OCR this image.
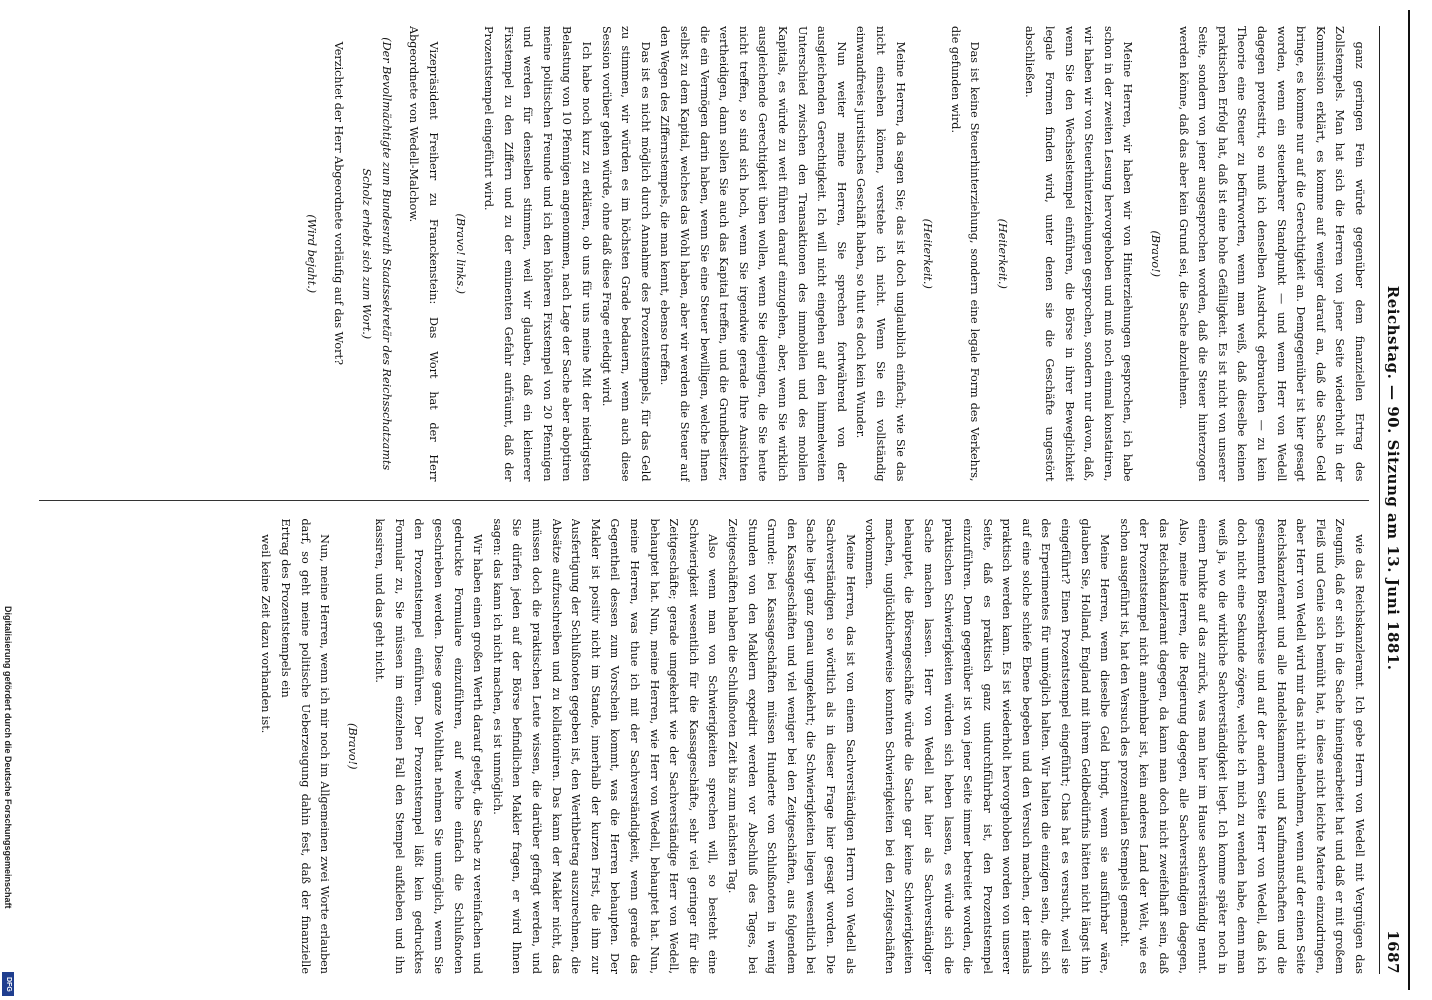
Reichstag. — 90. Sitzung am 13. Juni 1881.
1687

ganz geringen Fein würde gegenüber dem finanziellen Ertrag des Zollstempels. Man hat sich die Herren von jener Seite wiederholt in der Kommission erklärt, es komme auf weniger darauf an, daß die Sache Geld bringe, es komme nur auf die Gerechtigkeit an. Demgegenüber ist hier gesagt worden, wenn ein steuerbarer Standpunkt — und wenn Herr von Wedell dagegen protestirt, so muß ich denselben Ausdruck gebrauchen — zu kein Theorie eine Steuer zu befürworten, wenn man weiß, daß dieselbe keinen praktischen Erfolg hat, daß ist eine hohe Gefälligkeit. Es ist nicht von unserer Seite, sondern von jener ausgesprochen worden, daß die Steuer hinterzogen werden könne, daß das aber kein Grund sei, die Sache abzulehnen.

(Bravo!)

Meine Herren, wir haben wir von Hinterziehungen gesprochen, ich habe schon in der zweiten Lesung hervorgehoben und muß noch einmal konstatiren, wir haben wir von Steuerhinterziehungen gesprochen, sondern nur davon, daß, wenn Sie den Wechselstempel einführen, die Börse in ihrer Beweglichkeit legale Formen finden wird, unter denen sie die Geschäfte ungestört abschließen.

(Heiterkeit.)

Das ist keine Steuerhinterziehung, sondern eine legale Form des Verkehrs, die gefunden wird.

(Heiterkeit.)

Meine Herren, da sagen Sie; das ist doch unglaublich einfach; wie Sie das nicht einsehen können, verstehe ich nicht. Wenn Sie ein vollständig einwandfreies juristisches Geschäft haben, so thut es doch kein Wunder.

Nun weiter meine Herren, Sie sprechen fortwährend von der ausgleichenden Gerechtigkeit. Ich will nicht eingehen auf den himmelweiten Unterschied zwischen den Transaktionen des immobilen und des mobilen Kapitals, es würde zu weit führen darauf einzugehen, aber, wenn Sie wirklich ausgleichende Gerechtigkeit üben wollen, wenn Sie diejenigen, die Sie heute nicht treffen, so sind sich hoch, wenn Sie irgendwie gerade Ihre Ansichten vertheidigen, dann sollen Sie auch das Kapital treffen, und die Grundbesitzer, die ein Vermögen darin haben, wenn Sie eine Steuer bewilligen, welche Ihnen selbst zu dem Kapital, welches das Wohl haben, aber wir werden die Steuer auf den Wegen des Ziffernstempels, die man kennt, ebenso treffen.

Das ist es nicht möglich durch Annahme des Prozentstempels, für das Geld zu stimmen, wir würden es im höchsten Grade bedauern, wenn auch diese Session vorüber gehen würde, ohne daß diese Frage erledigt wird.

Ich habe noch kurz zu erklären, ob uns für uns meine Mit der niedrigsten Belastung von 10 Pfennigen angenommen, nach Lage der Sache aber aboptiren meine politischen Freunde und ich den höheren Fixstempel von 20 Pfennigen und werden für denselben stimmen, weil wir glauben, daß ein kleinerer Fixstempel zu den Ziffern und zu der eminenten Gefahr aufräumt, daß der Prozentstempel eingeführt wird.

(Bravo! links.)

Vizepräsident Freiherr zu Franckenstein: Das Wort hat der Herr Abgeordnete von Wedell-Malchow.

(Der Bevollmächtigte zum Bundesrath Staatssekretär des Reichsschatzamts Scholz erhebt sich zum Wort.)

Verzichtet der Herr Abgeordnete vorläufig auf das Wort?

(Wird bejaht.)

wie das Reichskanzleramt. Ich gebe Herrn von Wedell mit Vergnügen das Zeugniß, daß er sich in die Sache hineingearbeitet hat und daß er mit großem Fleiß und Genie sich bemüht hat, in diese nicht leichte Materie einzudringen, aber Herr von Wedell wird mir das nicht übelnehmen, wenn auf der einen Seite Reichskanzleramt und alle Handelskammern und Kaufmannschaften und die gesammten Börsenkreise und auf der andern Seite Herr von Wedell, daß ich doch nicht eine Sekunde zögere, welche ich mich zu wenden habe, denn man weiß ja, wo die wirkliche Sachverständigkeit liegt. Ich komme später noch in einem Punkte auf das zurück, was man hier im Hause sachverständig nennt. Also, meine Herren, die Regierung dagegen, alle Sachverständigen dagegen, das Reichskanzleramt dagegen, da kann man doch nicht zweifelhaft sein, daß der Prozentstempel nicht annehmbar ist, kein anderes Land der Welt, wie es schon ausgeführt ist, hat den Versuch des prozentualen Stempels gemacht.

Meine Herren, wenn dieselbe Geld bringt, wenn sie ausführbar wäre, glauben Sie, Holland, England mit ihrem Geldbedürfnis hätten nicht längst ihn eingeführt? Einen Prozentstempel eingeführt; Chas hat es versucht, weil sie des Erperimentes für unmöglich halten. Wir halten die einzigen sein, die sich auf eine solche schiefe Ebene begeben und den Versuch machen, der niemals praktisch werden kann. Es ist wiederholt hervorgehoben worden von unserer Seite, daß es praktisch ganz undurchführbar ist, den Prozentstempel einzuführen. Denn gegenüber ist von jener Seite immer betreitet worden, die praktischen Schwierigkeiten würden sich heben lassen, es würde sich die Sache machen lassen. Herr von Wedell hat hier als Sachverständiger behauptet, die Börsengeschäfte würde die Sache gar keine Schwierigkeiten machen, unglücklicherweise konnten Schwierigkeiten bei den Zeitgeschäften vorkommen.

Meine Herren, das ist von einem Sachverständigen Herrn von Wedell als Sachverständigen so wörtlich als in dieser Frage hier gesagt worden. Die Sache liegt ganz genau umgekehrt; die Schwierigkeiten liegen wesentlich bei den Kassageschäften und viel weniger bei den Zeitgeschäften, aus folgendem Grunde: bei Kassageschäften müssen Hunderte von Schlußnoten in wenig Stunden von den Maklern expedirt werden vor Abschluß des Tages, bei Zeitgeschäften haben die Schlußnoten Zeit bis zum nächsten Tag.

Also wenn man von Schwierigkeiten sprechen will, so besteht eine Schwierigkeit wesentlich für die Kassageschäfte, sehr viel geringer für die Zeitgeschäfte; gerade umgekehrt wie der Sachverständige Herr von Wedell, behauptet hat. Nun, meine Herren, wie Herr von Wedell, behauptet hat. Nun, meine Herren, was thue ich mit der Sachverständigkeit, wenn gerade das Gegentheil dessen zum Vorschein kommt, was die Herren behaupten. Der Makler ist positiv nicht im Stande, innerhalb der kurzen Frist, die ihm zur Ausfertigung der Schlußnoten gegeben ist, den Werthbetrag auszurechnen, die Absätze aufzuschreiben und zu kollationiren. Das kann der Makler nicht, das müssen doch die praktischen Leute wissen, die darüber gefragt werden, und Sie dürfen jeden auf der Börse befindlichen Makler fragen, er wird Ihnen sagen: das kann ich nicht machen, es ist unmöglich.

Wir haben einen großen Werth darauf gelegt, die Sache zu vereinfachen und gedruckte Formulare einzuführen, auf welche einfach die Schlußnoten geschrieben werden. Diese ganze Wohlthat nehmen Sie unmöglich, wenn Sie den Prozentstempel einführen. Der Prozentstempel läßt kein gedrucktes Formular zu, Sie müssen im einzelnen Fall den Stempel aufkleben und ihn kassiren, und das geht nicht.

(Bravo!)

Nun, meine Herren, wenn ich mir noch im Allgemeinen zwei Worte erlauben darf, so geht meine politische Ueberzeugung dahin fest, daß der finanzielle Ertrag des Prozentstempels ein

weil keine Zeit dazu vorhanden ist.

Digitalisierung gefördert durch die Deutsche Forschungsgemeinschaft
DFG
